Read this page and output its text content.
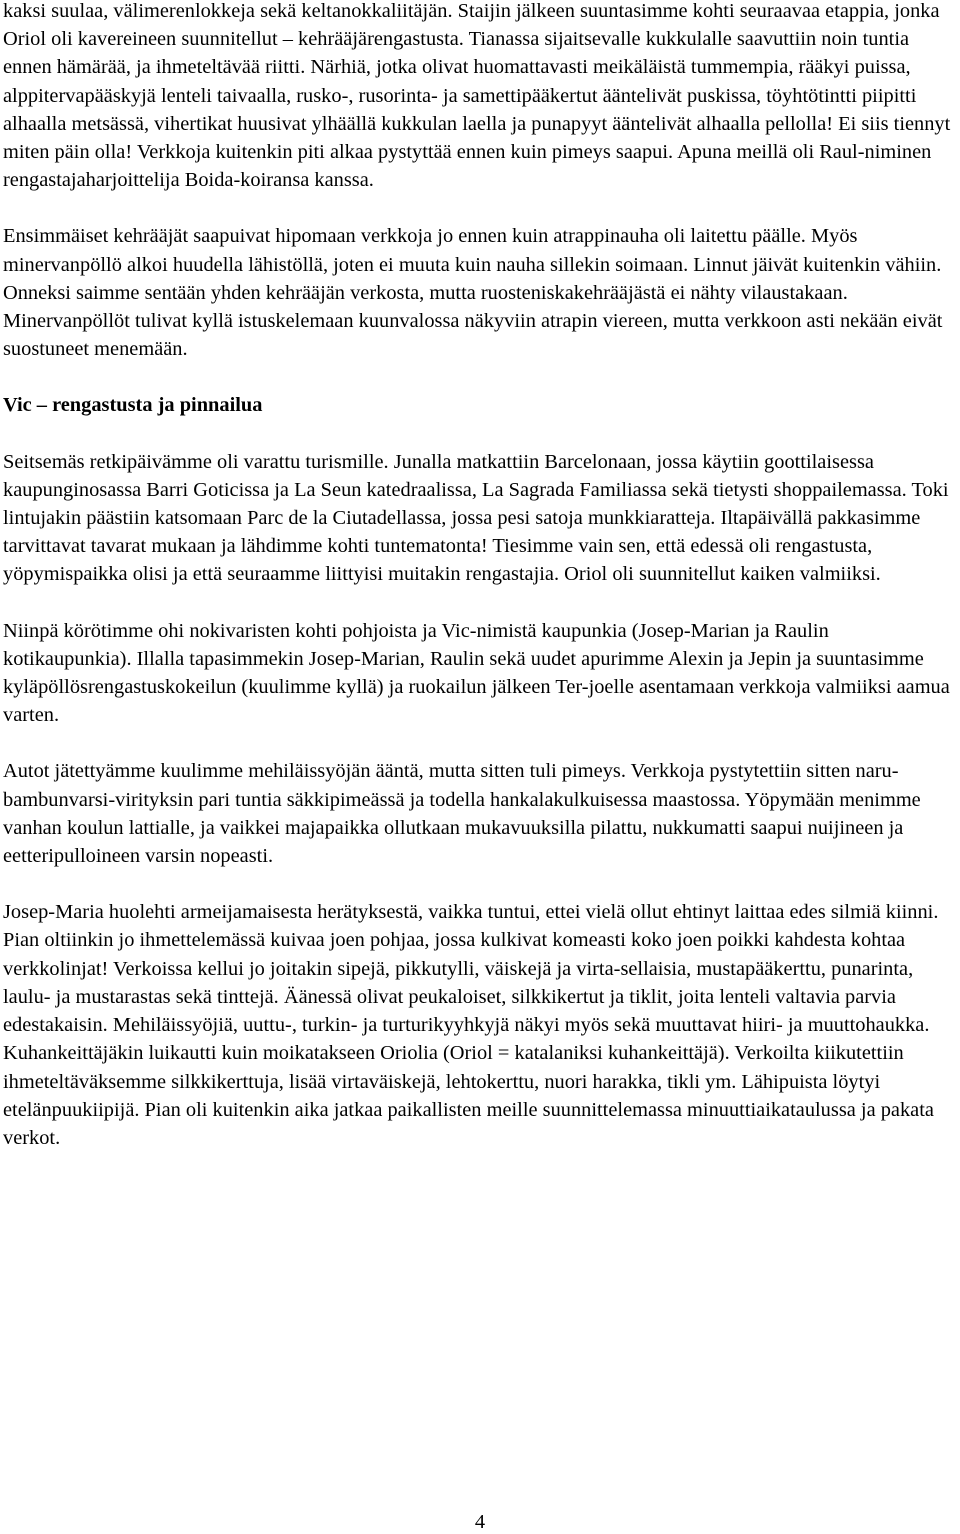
kaksi suulaa, välimerenlokkeja sekä keltanokkaliitäjän. Staijin jälkeen suuntasimme kohti seuraavaa etappia, jonka Oriol oli kavereineen suunnitellut – kehrääjärengastusta. Tianassa sijaitsevalle kukkulalle saavuttiin noin tuntia ennen hämärää, ja ihmeteltävää riitti. Närhiä, jotka olivat huomattavasti meikäläistä tummempia, rääkyi puissa, alppitervapääskyjä lenteli taivaalla, rusko-, rusorinta- ja samettipääkertut ääntelivät puskissa, töyhtötintti piipitti alhaalla metsässä, vihertikat huusivat ylhäällä kukkulan laella ja punapyyt ääntelivät alhaalla pellolla! Ei siis tiennyt miten päin olla! Verkkoja kuitenkin piti alkaa pystyttää ennen kuin pimeys saapui. Apuna meillä oli Raul-niminen rengastajaharjoittelija Boida-koiransa kanssa.

Ensimmäiset kehrääjät saapuivat hipomaan verkkoja jo ennen kuin atrappinauha oli laitettu päälle. Myös minervanpöllö alkoi huudella lähistöllä, joten ei muuta kuin nauha sillekin soimaan. Linnut jäivät kuitenkin vähiin. Onneksi saimme sentään yhden kehrääjän verkosta, mutta ruosteniskakehrääjästä ei nähty vilaustakaan. Minervanpöllöt tulivat kyllä istuskelemaan kuunvalossa näkyviin atrapin viereen, mutta verkkoon asti nekään eivät suostuneet menemään.

Vic – rengastusta ja pinnailua

Seitsemäs retkipäivämme oli varattu turismille. Junalla matkattiin Barcelonaan, jossa käytiin goottilaisessa kaupunginosassa Barri Goticissa ja La Seun katedraalissa, La Sagrada Familiassa sekä tietysti shoppailemassa. Toki lintujakin päästiin katsomaan Parc de la Ciutadellassa, jossa pesi satoja munkkiaratteja. Iltapäivällä pakkasimme tarvittavat tavarat mukaan ja lähdimme kohti tuntematonta! Tiesimme vain sen, että edessä oli rengastusta, yöpymispaikka olisi ja että seuraamme liittyisi muitakin rengastajia. Oriol oli suunnitellut kaiken valmiiksi.

Niinpä körötimme ohi nokivaristen kohti pohjoista ja Vic-nimistä kaupunkia (Josep-Marian ja Raulin kotikaupunkia). Illalla tapasimmekin Josep-Marian, Raulin sekä uudet apurimme Alexin ja Jepin ja suuntasimme kyläpöllösrengastuskokeilun (kuulimme kyllä) ja ruokailun jälkeen Ter-joelle asentamaan verkkoja valmiiksi aamua varten.

Autot jätettyämme kuulimme mehiläissyöjän ääntä, mutta sitten tuli pimeys. Verkkoja pystytettiin sitten naru-bambunvarsi-virityksin pari tuntia säkkipimeässä ja todella hankalakulkuisessa maastossa. Yöpymään menimme vanhan koulun lattialle, ja vaikkei majapaikka ollutkaan mukavuuksilla pilattu, nukkumatti saapui nuijineen ja eetteripulloineen varsin nopeasti.

Josep-Maria huolehti armeijamaisesta herätyksestä, vaikka tuntui, ettei vielä ollut ehtinyt laittaa edes silmiä kiinni. Pian oltiinkin jo ihmettelemässä kuivaa joen pohjaa, jossa kulkivat komeasti koko joen poikki kahdesta kohtaa verkkolinjat! Verkoissa kellui jo joitakin sipejä, pikkutylli, väiskejä ja virta-sellaisia, mustapääkerttu, punarinta, laulu- ja mustarastas sekä tinttejä. Äänessä olivat peukaloiset, silkkikertut ja tiklit, joita lenteli valtavia parvia edestakaisin. Mehiläissyöjiä, uuttu-, turkin- ja turturikyyhkyjä näkyi myös sekä muuttavat hiiri- ja muuttohaukka. Kuhankeittäjäkin luikautti kuin moikatakseen Oriolia (Oriol = katalaniksi kuhankeittäjä). Verkoilta kiikutettiin ihmeteltäväksemme silkkikerttuja, lisää virtaväiskejä, lehtokerttu, nuori harakka, tikli ym. Lähipuista löytyi etelänpuukiipijä. Pian oli kuitenkin aika jatkaa paikallisten meille suunnittelemassa minuuttiaikataulussa ja pakata verkot.

4
